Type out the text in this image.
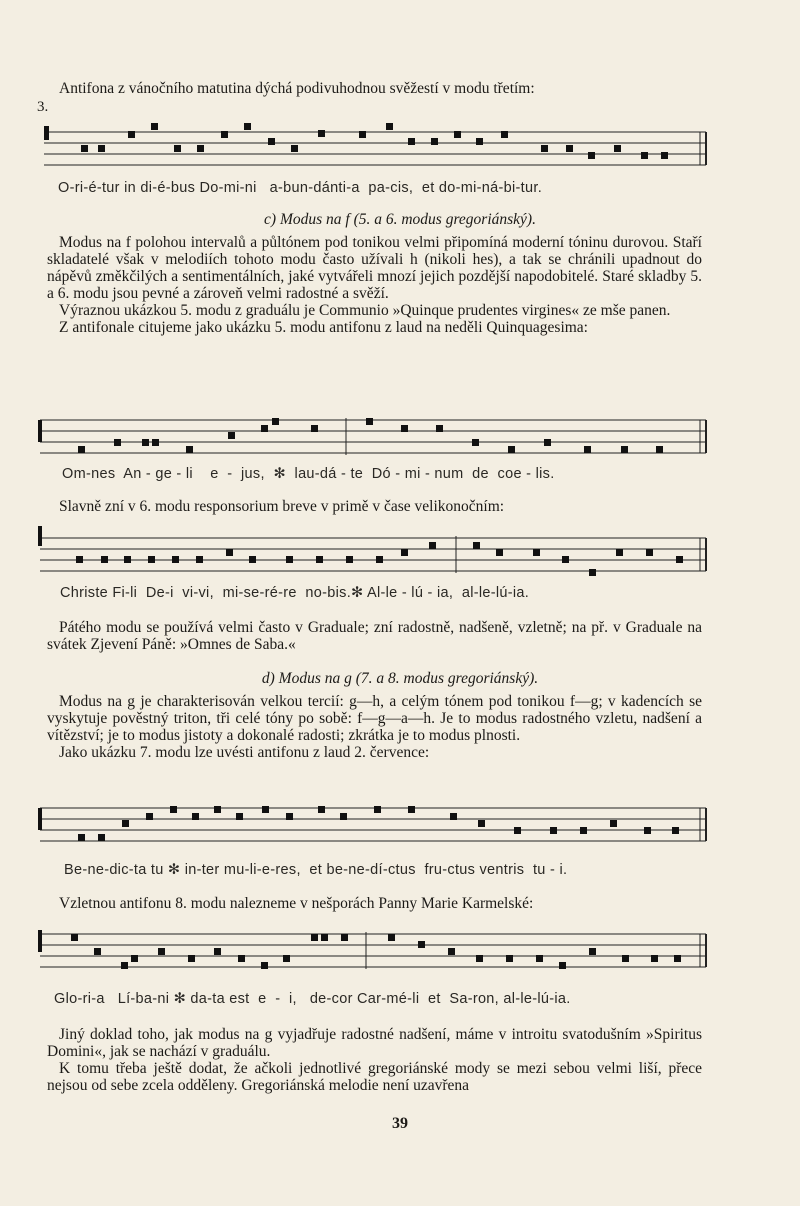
Antifona z vánočního matutina dýchá podivuhodnou svěžestí v modu třetím:

3.
O-ri-é-tur in di-é-bus Do-mi-ni   a-bun-dánti-a  pa-cis,  et do-mi-ná-bi-tur.
c) Modus na f (5. a 6. modus gregoriánský).

Modus na f polohou intervalů a půltónem pod tonikou velmi připomíná moderní tóninu durovou. Staří skladatelé však v melodiích tohoto modu často užívali h (nikoli hes), a tak se chránili upadnout do nápěvů změkčilých a sentimentálních, jaké vytvářeli mnozí jejich pozdější napodobitelé. Staré skladby 5. a 6. modu jsou pevné a zároveň velmi radostné a svěží.

Výraznou ukázkou 5. modu z graduálu je Communio »Quinque prudentes virgines« ze mše panen.

Z antifonale citujeme jako ukázku 5. modu antifonu z laud na neděli Quinquagesima:

Om-nes  An - ge - li    e  -  jus,  ✻  lau-dá - te  Dó - mi - num  de  coe - lis.

Slavně zní v 6. modu responsorium breve v primě v čase velikonočním:

Christe Fi-li  De-i  vi-vi,  mi-se-ré-re  no-bis.✻ Al-le - lú - ia,  al-le-lú-ia.

Pátého modu se používá velmi často v Graduale; zní radostně, nadšeně, vzletně; na př. v Graduale na svátek Zjevení Páně: »Omnes de Saba.«

d) Modus na g (7. a 8. modus gregoriánský).

Modus na g je charakterisován velkou tercií: g—h, a celým tónem pod tonikou f—g; v kadencích se vyskytuje pověstný triton, tři celé tóny po sobě: f—g—a—h. Je to modus radostného vzletu, nadšení a vítězství; je to modus jistoty a dokonalé radosti; zkrátka je to modus plnosti.

Jako ukázku 7. modu lze uvésti antifonu z laud 2. července:

Be-ne-dic-ta tu ✻ in-ter mu-li-e-res,  et be-ne-dí-ctus  fru-ctus ventris  tu - i.

Vzletnou antifonu 8. modu nalezneme v nešporách Panny Marie Karmelské:

Glo-ri-a   Lí-ba-ni ✻ da-ta est  e  -  i,   de-cor Car-mé-li  et  Sa-ron, al-le-lú-ia.

Jiný doklad toho, jak modus na g vyjadřuje radostné nadšení, máme v introitu svatodušním »Spiritus Domini«, jak se nachází v graduálu.

K tomu třeba ještě dodat, že ačkoli jednotlivé gregoriánské mody se mezi sebou velmi liší, přece nejsou od sebe zcela odděleny. Gregoriánská melodie není uzavřena

39
